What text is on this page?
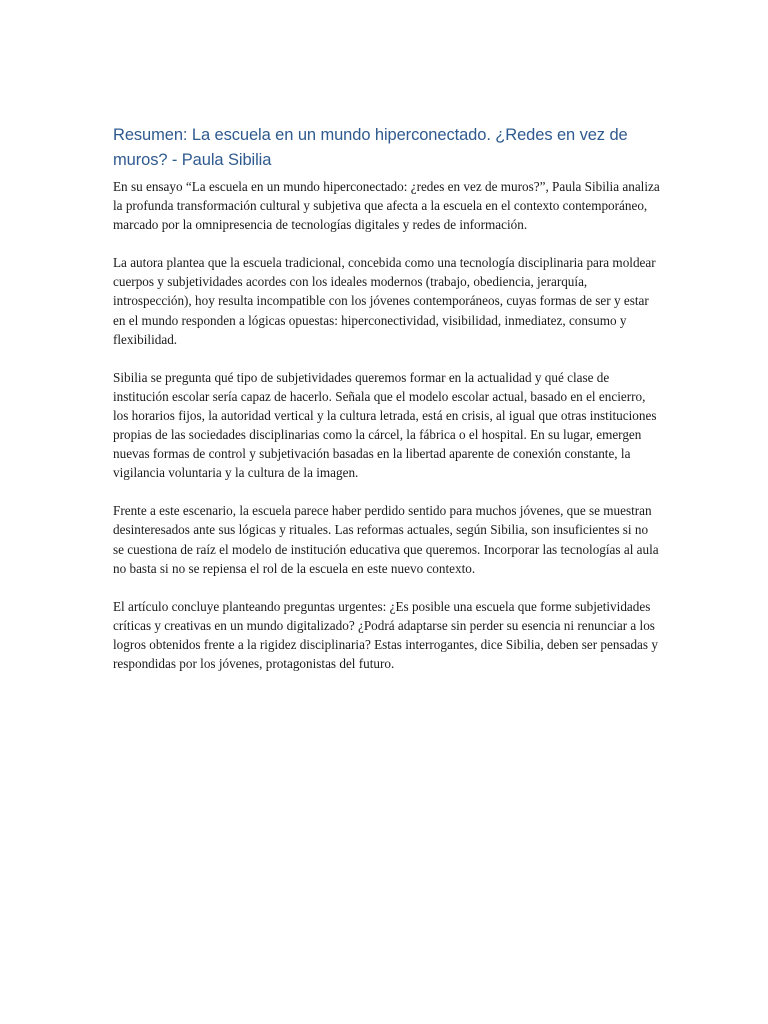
Resumen: La escuela en un mundo hiperconectado. ¿Redes en vez de muros? - Paula Sibilia

En su ensayo “La escuela en un mundo hiperconectado: ¿redes en vez de muros?”, Paula Sibilia analiza la profunda transformación cultural y subjetiva que afecta a la escuela en el contexto contemporáneo, marcado por la omnipresencia de tecnologías digitales y redes de información.

La autora plantea que la escuela tradicional, concebida como una tecnología disciplinaria para moldear cuerpos y subjetividades acordes con los ideales modernos (trabajo, obediencia, jerarquía, introspección), hoy resulta incompatible con los jóvenes contemporáneos, cuyas formas de ser y estar en el mundo responden a lógicas opuestas: hiperconectividad, visibilidad, inmediatez, consumo y flexibilidad.

Sibilia se pregunta qué tipo de subjetividades queremos formar en la actualidad y qué clase de institución escolar sería capaz de hacerlo. Señala que el modelo escolar actual, basado en el encierro, los horarios fijos, la autoridad vertical y la cultura letrada, está en crisis, al igual que otras instituciones propias de las sociedades disciplinarias como la cárcel, la fábrica o el hospital. En su lugar, emergen nuevas formas de control y subjetivación basadas en la libertad aparente de conexión constante, la vigilancia voluntaria y la cultura de la imagen.

Frente a este escenario, la escuela parece haber perdido sentido para muchos jóvenes, que se muestran desinteresados ante sus lógicas y rituales. Las reformas actuales, según Sibilia, son insuficientes si no se cuestiona de raíz el modelo de institución educativa que queremos. Incorporar las tecnologías al aula no basta si no se repiensa el rol de la escuela en este nuevo contexto.

El artículo concluye planteando preguntas urgentes: ¿Es posible una escuela que forme subjetividades críticas y creativas en un mundo digitalizado? ¿Podrá adaptarse sin perder su esencia ni renunciar a los logros obtenidos frente a la rigidez disciplinaria? Estas interrogantes, dice Sibilia, deben ser pensadas y respondidas por los jóvenes, protagonistas del futuro.
